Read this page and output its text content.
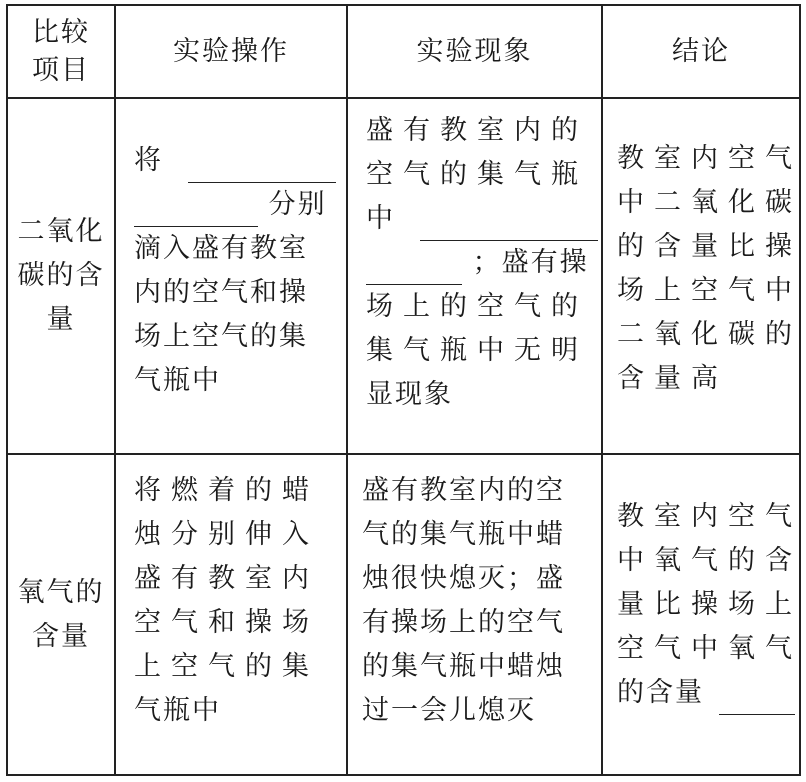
比较
项目
实验操作	实验现象	结论
二氧化
碳的含
量
将
分别
滴入盛有教室
内的空气和操
场上空气的集
气瓶中
盛有教室内的
空气的集气瓶
中
；盛有操
场上的空气的
集气瓶中无明
显现象
教室内空气
中二氧化碳
的含量比操
场上空气中
二氧化碳的
含量高
氧气的
含量
将燃着的蜡
烛分别伸入
盛有教室内
空气和操场
上空气的集
气瓶中
盛有教室内的空
气的集气瓶中蜡
烛很快熄灭；盛
有操场上的空气
的集气瓶中蜡烛
过一会儿熄灭
教室内空气
中氧气的含
量比操场上
空气中氧气
的含量
